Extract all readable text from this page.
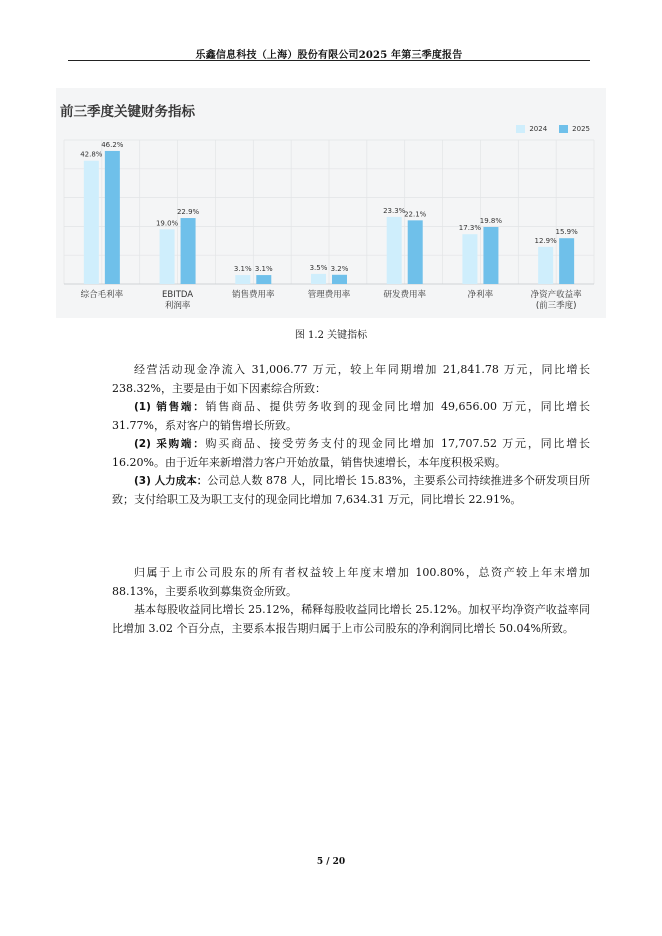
乐鑫信息科技（上海）股份有限公司2025 年第三季度报告
前三季度关键财务指标
2024	2025
42.8%
46.2%
综合毛利率
19.0%
22.9%
EBITDA
利润率
3.1% 3.1%
销售费用率
3.5% 3.2%
管理费用率
23.3%
22.1%
研发费用率
17.3%
19.8%
净利率
12.9%
15.9%
净资产收益率
(前三季度)
图 1.2 关键指标

经营活动现金净流入 31,006.77 万元，较上年同期增加 21,841.78 万元，同比增长 238.32%，主要是由于如下因素综合所致：

(1) 销售端：销售商品、提供劳务收到的现金同比增加 49,656.00 万元，同比增长 31.77%，系对客户的销售增长所致。

(2) 采购端：购买商品、接受劳务支付的现金同比增加 17,707.52 万元，同比增长 16.20%。由于近年来新增潜力客户开始放量，销售快速增长，本年度积极采购。

(3) 人力成本：公司总人数 878 人，同比增长 15.83%，主要系公司持续推进多个研发项目所致；支付给职工及为职工支付的现金同比增加 7,634.31 万元，同比增长 22.91%。

归属于上市公司股东的所有者权益较上年度末增加 100.80%，总资产较上年末增加 88.13%，主要系收到募集资金所致。

基本每股收益同比增长 25.12%，稀释每股收益同比增长 25.12%。加权平均净资产收益率同比增加 3.02 个百分点，主要系本报告期归属于上市公司股东的净利润同比增长 50.04%所致。

5 / 20
